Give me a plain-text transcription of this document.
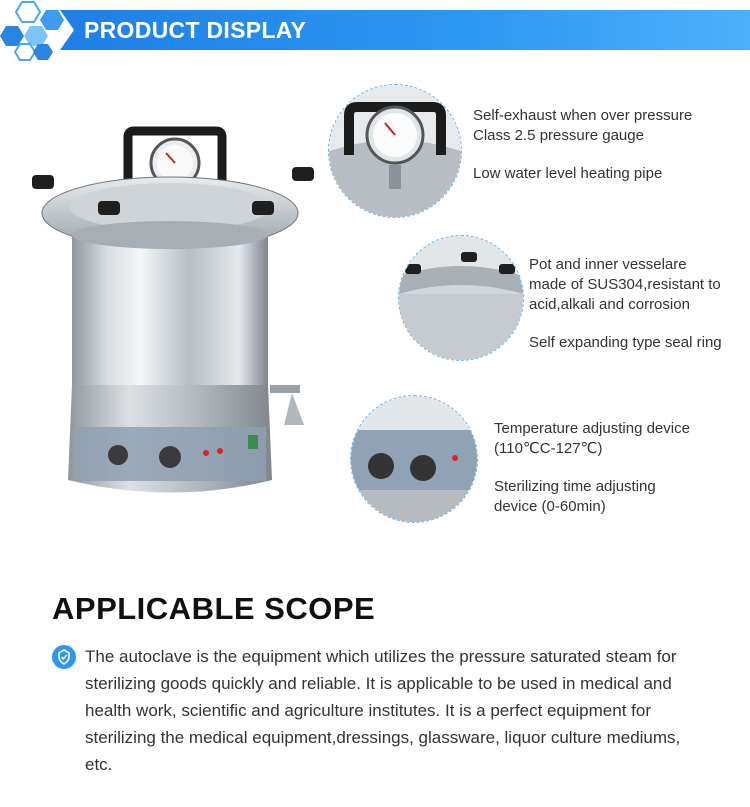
PRODUCT DISPLAY

Self-exhaust when over pressure

Class 2.5 pressure gauge

Low water level heating pipe

Pot and inner vesselare

made of SUS304,resistant to

acid,alkali and corrosion

Self expanding type seal ring

Temperature adjusting device

(110℃C-127℃)

Sterilizing time adjusting

device (0-60min)

APPLICABLE SCOPE
The autoclave is the equipment which utilizes the pressure saturated steam for sterilizing goods quickly and reliable. It is applicable to be used in medical and health work, scientific and agriculture institutes. It is a perfect equipment for sterilizing the medical equipment,dressings, glassware, liquor culture mediums, etc.
